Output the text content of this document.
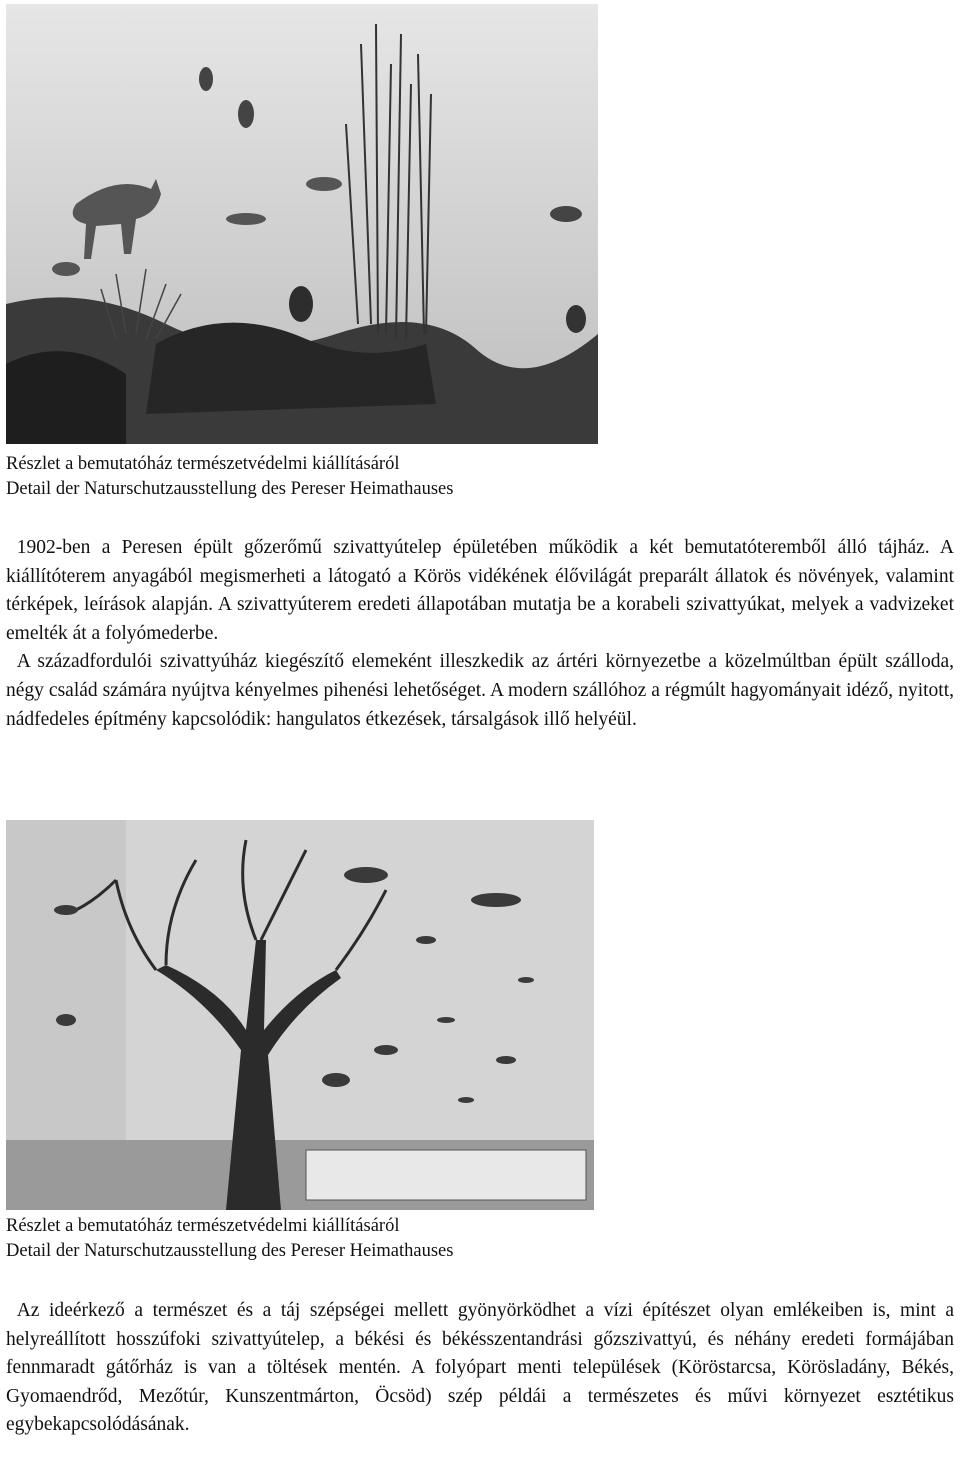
Részlet a bemutatóház természetvédelmi kiállításáról
Detail der Naturschutzausstellung des Pereser Heimathauses

1902-ben a Peresen épült gőzerőmű szivattyútelep épületében működik a két bemutatóteremből álló tájház. A kiállítóterem anyagából megismerheti a látogató a Körös vidékének élővilágát preparált állatok és növények, valamint térképek, leírások alapján. A szivattyúterem eredeti állapotában mutatja be a korabeli szivattyúkat, melyek a vadvizeket emelték át a folyómederbe.

A századfordulói szivattyúház kiegészítő elemeként illeszkedik az ártéri környezetbe a közelmúltban épült szálloda, négy család számára nyújtva kényelmes pihenési lehetőséget. A modern szállóhoz a régmúlt hagyományait idéző, nyitott, nádfedeles építmény kapcsolódik: hangulatos étkezések, társalgások illő helyéül.

Részlet a bemutatóház természetvédelmi kiállításáról
Detail der Naturschutzausstellung des Pereser Heimathauses

Az ideérkező a természet és a táj szépségei mellett gyönyörködhet a vízi építészet olyan emlékeiben is, mint a helyreállított hosszúfoki szivattyútelep, a békési és békésszentandrási gőzszivattyú, és néhány eredeti formájában fennmaradt gátőrház is van a töltések mentén. A folyópart menti települések (Köröstarcsa, Körösladány, Békés, Gyomaendrőd, Mezőtúr, Kunszentmárton, Öcsöd) szép példái a természetes és művi környezet esztétikus egybekapcsolódásának.
